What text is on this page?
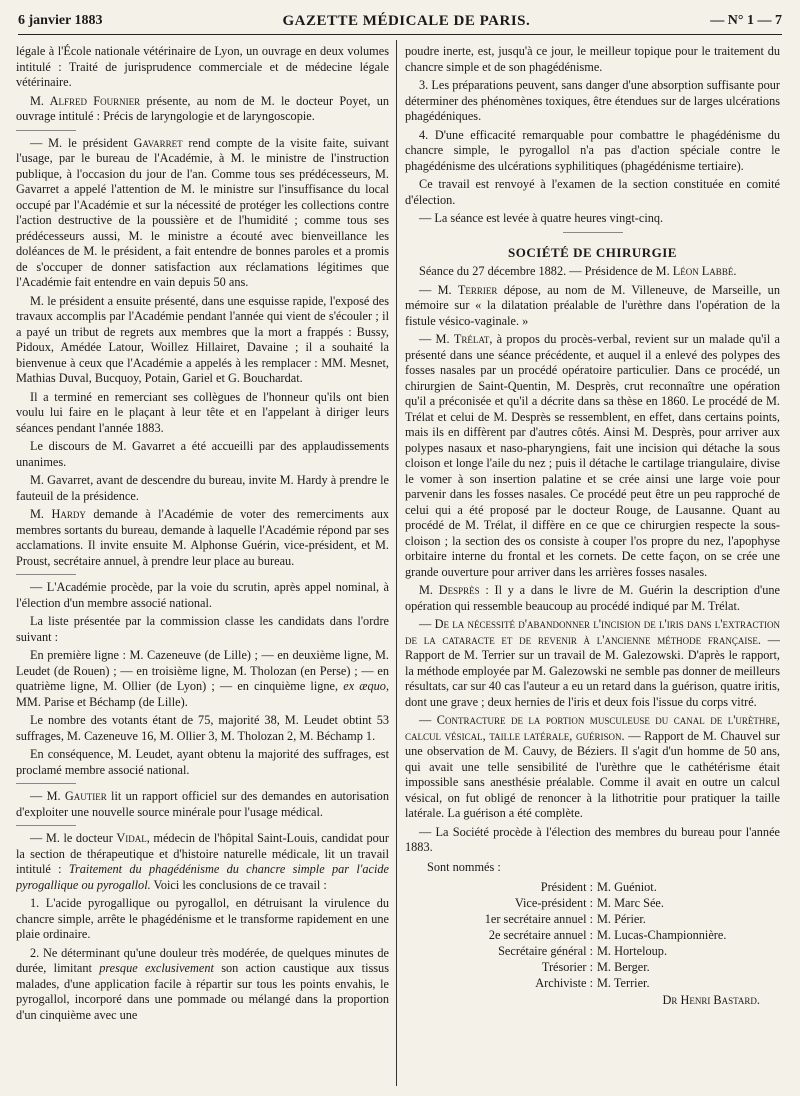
6 janvier 1883	GAZETTE MÉDICALE DE PARIS.	— N° 1 — 7

légale à l'École nationale vétérinaire de Lyon, un ouvrage en deux volumes intitulé : Traité de jurisprudence commerciale et de médecine légale vétérinaire.

M. Alfred Fournier présente, au nom de M. le docteur Poyet, un ouvrage intitulé : Précis de laryngologie et de laryngoscopie.

— M. le président Gavarret rend compte de la visite faite, suivant l'usage, par le bureau de l'Académie, à M. le ministre de l'instruction publique, à l'occasion du jour de l'an. Comme tous ses prédécesseurs, M. Gavarret a appelé l'attention de M. le ministre sur l'insuffisance du local occupé par l'Académie et sur la nécessité de protéger les collections contre l'action destructive de la poussière et de l'humidité ; comme tous ses prédécesseurs aussi, M. le ministre a écouté avec bienveillance les doléances de M. le président, a fait entendre de bonnes paroles et a promis de s'occuper de donner satisfaction aux réclamations légitimes que l'Académie fait entendre en vain depuis 50 ans.

M. le président a ensuite présenté, dans une esquisse rapide, l'exposé des travaux accomplis par l'Académie pendant l'année qui vient de s'écouler ; il a payé un tribut de regrets aux membres que la mort a frappés : Bussy, Pidoux, Amédée Latour, Woillez Hillairet, Davaine ; il a souhaité la bienvenue à ceux que l'Académie a appelés à les remplacer : MM. Mesnet, Mathias Duval, Bucquoy, Potain, Gariel et G. Bouchardat.

Il a terminé en remerciant ses collègues de l'honneur qu'ils ont bien voulu lui faire en le plaçant à leur tête et en l'appelant à diriger leurs séances pendant l'année 1883.

Le discours de M. Gavarret a été accueilli par des applaudissements unanimes.

M. Gavarret, avant de descendre du bureau, invite M. Hardy à prendre le fauteuil de la présidence.

M. Hardy demande à l'Académie de voter des remerciments aux membres sortants du bureau, demande à laquelle l'Académie répond par ses acclamations. Il invite ensuite M. Alphonse Guérin, vice-président, et M. Proust, secrétaire annuel, à prendre leur place au bureau.

— L'Académie procède, par la voie du scrutin, après appel nominal, à l'élection d'un membre associé national.

La liste présentée par la commission classe les candidats dans l'ordre suivant :

En première ligne : M. Cazeneuve (de Lille) ; — en deuxième ligne, M. Leudet (de Rouen) ; — en troisième ligne, M. Tholozan (en Perse) ; — en quatrième ligne, M. Ollier (de Lyon) ; — en cinquième ligne, ex æquo, MM. Parise et Béchamp (de Lille).

Le nombre des votants étant de 75, majorité 38, M. Leudet obtint 53 suffrages, M. Cazeneuve 16, M. Ollier 3, M. Tholozan 2, M. Béchamp 1.

En conséquence, M. Leudet, ayant obtenu la majorité des suffrages, est proclamé membre associé national.

— M. Gautier lit un rapport officiel sur des demandes en autorisation d'exploiter une nouvelle source minérale pour l'usage médical.

— M. le docteur Vidal, médecin de l'hôpital Saint-Louis, candidat pour la section de thérapeutique et d'histoire naturelle médicale, lit un travail intitulé : Traitement du phagédénisme du chancre simple par l'acide pyrogallique ou pyrogallol. Voici les conclusions de ce travail :

1. L'acide pyrogallique ou pyrogallol, en détruisant la virulence du chancre simple, arrête le phagédénisme et le transforme rapidement en une plaie ordinaire.

2. Ne déterminant qu'une douleur très modérée, de quelques minutes de durée, limitant presque exclusivement son action caustique aux tissus malades, d'une application facile à répartir sur tous les points envahis, le pyrogallol, incorporé dans une pommade ou mélangé dans la proportion d'un cinquième avec une

poudre inerte, est, jusqu'à ce jour, le meilleur topique pour le traitement du chancre simple et de son phagédénisme.

3. Les préparations peuvent, sans danger d'une absorption suffisante pour déterminer des phénomènes toxiques, être étendues sur de larges ulcérations phagédéniques.

4. D'une efficacité remarquable pour combattre le phagédénisme du chancre simple, le pyrogallol n'a pas d'action spéciale contre le phagédénisme des ulcérations syphilitiques (phagédénisme tertiaire).

Ce travail est renvoyé à l'examen de la section constituée en comité d'élection.

— La séance est levée à quatre heures vingt-cinq.

SOCIÉTÉ DE CHIRURGIE

Séance du 27 décembre 1882. — Présidence de M. Léon Labbé.

— M. Terrier dépose, au nom de M. Villeneuve, de Marseille, un mémoire sur « la dilatation préalable de l'urèthre dans l'opération de la fistule vésico-vaginale. »

— M. Trélat, à propos du procès-verbal, revient sur un malade qu'il a présenté dans une séance précédente, et auquel il a enlevé des polypes des fosses nasales par un procédé opératoire particulier. Dans ce procédé, un chirurgien de Saint-Quentin, M. Desprès, crut reconnaître une opération qu'il a préconisée et qu'il a décrite dans sa thèse en 1860. Le procédé de M. Trélat et celui de M. Desprès se ressemblent, en effet, dans certains points, mais ils en diffèrent par d'autres côtés. Ainsi M. Desprès, pour arriver aux polypes nasaux et naso-pharyngiens, fait une incision qui détache la sous cloison et longe l'aile du nez ; puis il détache le cartilage triangulaire, divise le vomer à son insertion palatine et se crée ainsi une large voie pour parvenir dans les fosses nasales. Ce procédé peut être un peu rapproché de celui qui a été proposé par le docteur Rouge, de Lausanne. Quant au procédé de M. Trélat, il diffère en ce que ce chirurgien respecte la sous-cloison ; la section des os consiste à couper l'os propre du nez, l'apophyse orbitaire interne du frontal et les cornets. De cette façon, on se crée une grande ouverture pour arriver dans les arrières fosses nasales.

M. Desprès : Il y a dans le livre de M. Guérin la description d'une opération qui ressemble beaucoup au procédé indiqué par M. Trélat.

— De la nécessité d'abandonner l'incision de l'iris dans l'extraction de la cataracte et de revenir à l'ancienne méthode française. — Rapport de M. Terrier sur un travail de M. Galezowski. D'après le rapport, la méthode employée par M. Galezowski ne semble pas donner de meilleurs résultats, car sur 40 cas l'auteur a eu un retard dans la guérison, quatre iritis, dont une grave ; deux hernies de l'iris et deux fois l'issue du corps vitré.

— Contracture de la portion musculeuse du canal de l'urèthre, calcul vésical, taille latérale, guérison. — Rapport de M. Chauvel sur une observation de M. Cauvy, de Béziers. Il s'agit d'un homme de 50 ans, qui avait une telle sensibilité de l'urèthre que le cathétérisme était impossible sans anesthésie préalable. Comme il avait en outre un calcul vésical, on fut obligé de renoncer à la lithotritie pour pratiquer la taille latérale. La guérison a été complète.

— La Société procède à l'élection des membres du bureau pour l'année 1883.

Sont nommés :
Président : M. Guéniot.
Vice-président : M. Marc Sée.
1er secrétaire annuel : M. Périer.
2e secrétaire annuel : M. Lucas-Championnière.
Secrétaire général : M. Horteloup.
Trésorier : M. Berger.
Archiviste : M. Terrier.
Dr Henri Bastard.
